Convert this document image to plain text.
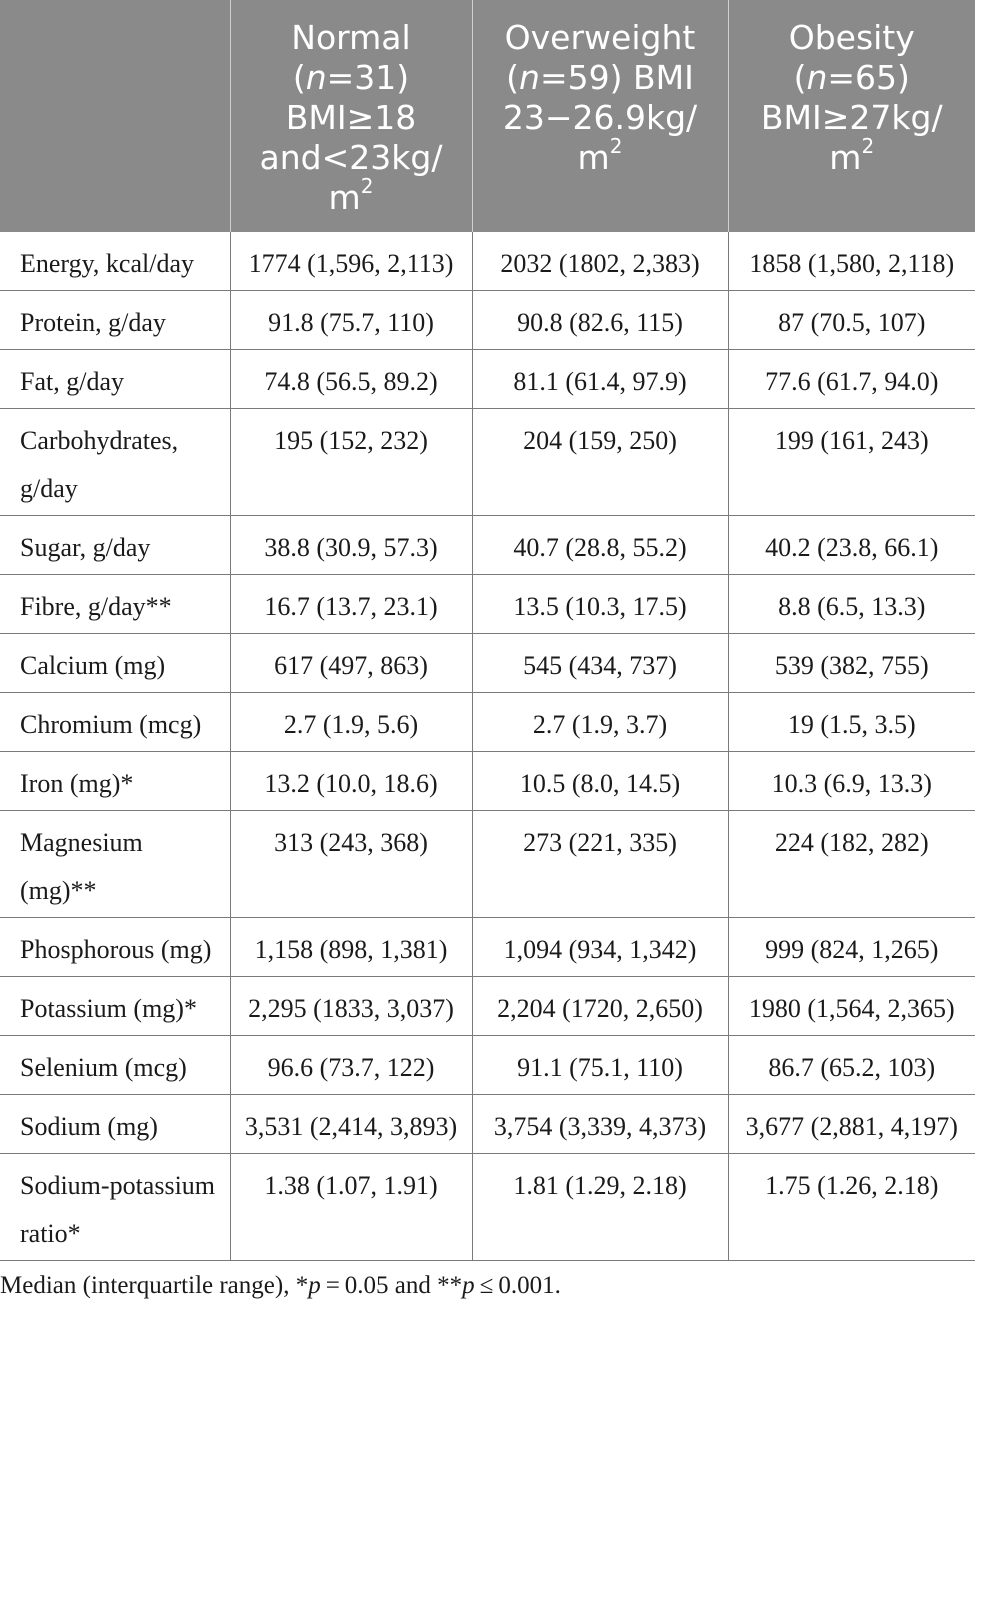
	Normal
(n=31)
BMI≥18
and<23kg/
$m^2$	Overweight
(n=59) BMI
23−26.9kg/
$m^2$	Obesity
(n=65)
BMI≥27kg/
$m^2$

Energy, kcal/day	1774 (1,596, 2,113)	2032 (1802, 2,383)	1858 (1,580, 2,118)
Protein, g/day	91.8 (75.7, 110)	90.8 (82.6, 115)	87 (70.5, 107)
Fat, g/day	74.8 (56.5, 89.2)	81.1 (61.4, 97.9)	77.6 (61.7, 94.0)
Carbohydrates, g/day	195 (152, 232)	204 (159, 250)	199 (161, 243)
Sugar, g/day	38.8 (30.9, 57.3)	40.7 (28.8, 55.2)	40.2 (23.8, 66.1)
Fibre, g/day**	16.7 (13.7, 23.1)	13.5 (10.3, 17.5)	8.8 (6.5, 13.3)
Calcium (mg)	617 (497, 863)	545 (434, 737)	539 (382, 755)
Chromium (mcg)	2.7 (1.9, 5.6)	2.7 (1.9, 3.7)	19 (1.5, 3.5)
Iron (mg)*	13.2 (10.0, 18.6)	10.5 (8.0, 14.5)	10.3 (6.9, 13.3)
Magnesium (mg)**	313 (243, 368)	273 (221, 335)	224 (182, 282)
Phosphorous (mg)	1,158 (898, 1,381)	1,094 (934, 1,342)	999 (824, 1,265)
Potassium (mg)*	2,295 (1833, 3,037)	2,204 (1720, 2,650)	1980 (1,564, 2,365)
Selenium (mcg)	96.6 (73.7, 122)	91.1 (75.1, 110)	86.7 (65.2, 103)
Sodium (mg)	3,531 (2,414, 3,893)	3,754 (3,339, 4,373)	3,677 (2,881, 4,197)
Sodium-potassium ratio*	1.38 (1.07, 1.91)	1.81 (1.29, 2.18)	1.75 (1.26, 2.18)

Median (interquartile range), *p = 0.05 and **p ≤ 0.001.
